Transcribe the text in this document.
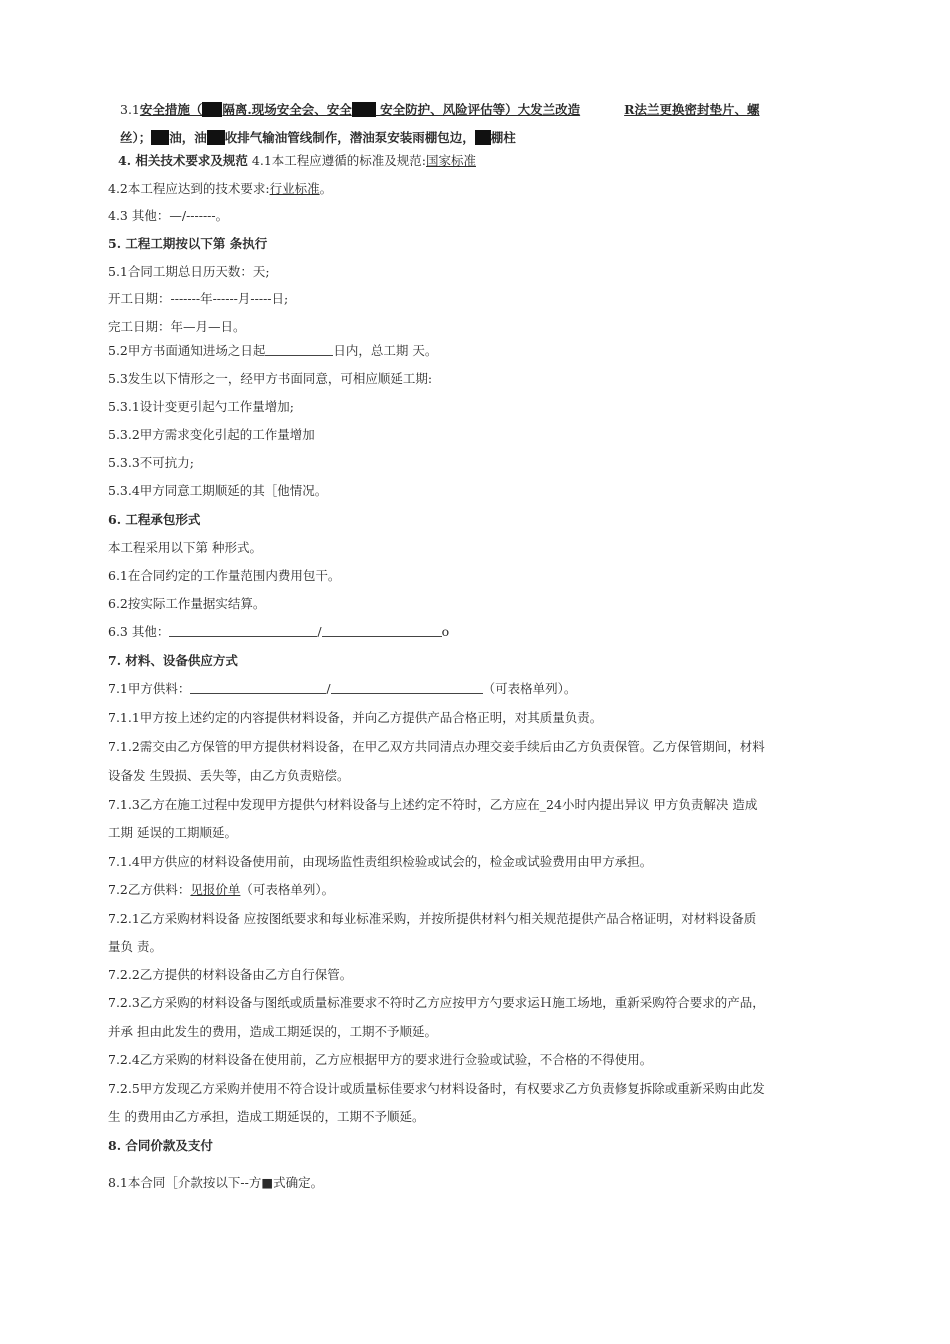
3.1安全措施（ 隔离.现场安全会、安全 安全防护、风险评估等）大发兰改造	R法兰更换密封垫片、螺
丝）； 油，油 收排气输油管线制作，潜油泵安装雨棚包边， 棚柱
4. 相关技术要求及规范 4.1本工程应遵循的标准及规范:国家标准
4.2本工程应达到的技术要求:行业标准。
4.3 其他：—/-------。
5. 工程工期按以下第 条执行
5.1合同工期总日历天数：天;
开工日期：-------年------月-----日;
完工日期：年—月—日。
5.2甲方书面通知进场之日起	日内，总工期 天。
5.3发生以下情形之一，经甲方书面同意，可相应顺延工期:
5.3.1设计变更引起勺工作量增加;
5.3.2甲方需求变化引起的工作量增加
5.3.3不可抗力;
5.3.4甲方同意工期顺延的其［他情况。
6. 工程承包形式
本工程采用以下第 种形式。
6.1在合同约定的工作量范围内费用包干。
6.2按实际工作量据实结算。
6.3 其他：	/	o
7. 材料、设备供应方式
7.1甲方供料：	/	（可表格单列）。
7.1.1甲方按上述约定的内容提供材料设备，并向乙方提供产品合格正明，对其质量负责。
7.1.2需交由乙方保管的甲方提供材料设备，在甲乙双方共同清点办理交妾手续后由乙方负责保管。乙方保管期间，材料
设备发 生毁损、丢失等，由乙方负责赔偿。
7.1.3乙方在施工过程中发现甲方提供勺材料设备与上述约定不符时，乙方应在_24小时内提出异议 甲方负责解决 造成
工期 延误的工期顺延。
7.1.4甲方供应的材料设备使用前，由现场监性责组织检验或试会的，检金或试验费用由甲方承担。
7.2乙方供料：见报价单（可表格单列）。
7.2.1乙方采购材料设备 应按图纸要求和每业标准采购，并按所提供材料勺相关规范提供产品合格证明，对材料设备质
量负 责。
7.2.2乙方提供的材料设备由乙方自行保管。
7.2.3乙方采购的材料设备与图纸或质量标准要求不符时乙方应按甲方勺要求运Ｈ施工场地，重新采购符合要求的产品，
并承 担由此发生的费用，造成工期延误的，工期不予顺延。
7.2.4乙方采购的材料设备在使用前，乙方应根据甲方的要求进行佥验或试验，不合格的不得使用。
7.2.5甲方发现乙方采购并使用不符合设计或质量标佳要求勺材料设备时，有权要求乙方负责修复拆除或重新采购由此发
生 的费用由乙方承担，造成工期延误的，工期不予顺延。
8. 合同价款及支付
8.1本合同［介款按以下--方■式确定。
